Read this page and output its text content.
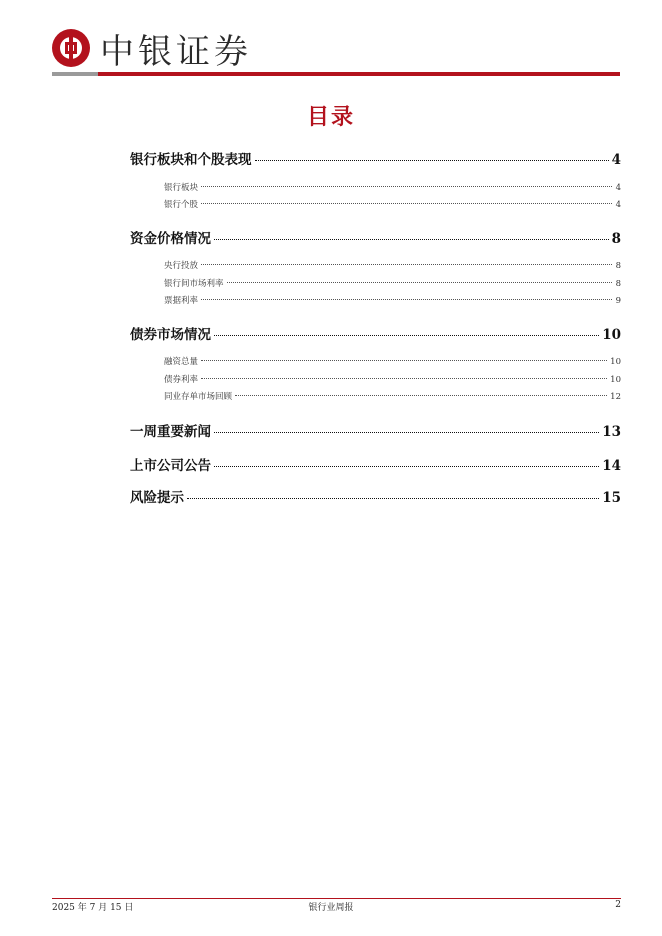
中银证券
目录
银行板块和个股表现	4
银行板块	4
银行个股	4
资金价格情况	8
央行投放	8
银行间市场利率	8
票据利率	9
债券市场情况	10
融资总量	10
债券利率	10
同业存单市场回顾	12
一周重要新闻	13
上市公司公告	14
风险提示	15
2025 年 7 月 15 日	银行业周报	2
